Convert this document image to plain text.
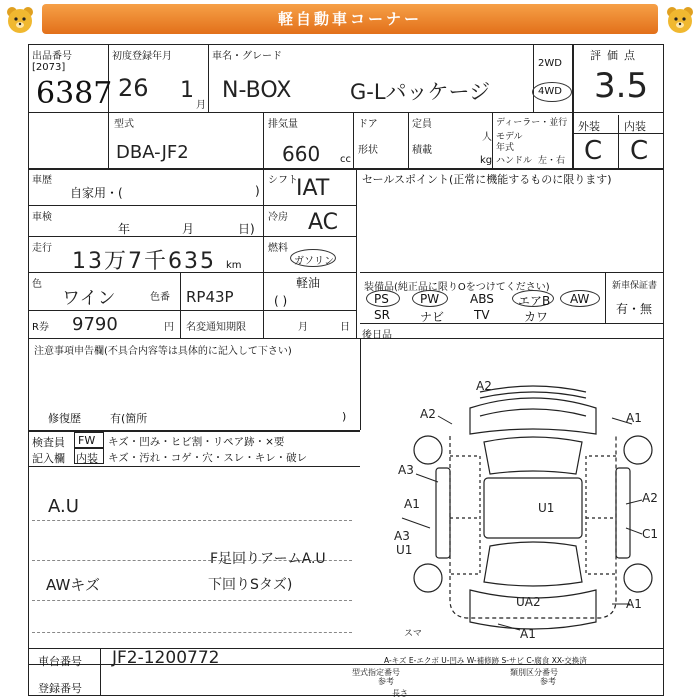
軽自動車コーナー
出品番号
[2073]
6387
初度登録年月
26 1
月
車名・グレード
N-BOX	G-Lパッケージ
2WD
4WD
評価点
3.5
外装 内装
C C
型式
DBA-JF2
排気量
660 cc
ドア
形状
定員
人
積載
kg
ディーラー・並行
モデル
年式
ハンドル 左・右
車歴
自家用・(	)
車検
年	月	日)
走行
13万7千635 km
色
ワイン	色番 RP43P
R券 9790	円 名変通知期限	月	日
シフト
IAT
冷房 AC
燃料
ガソリン
軽油
( )
セールスポイント(正常に機能するものに限ります)
装備品(純正品に限りOをつけてください)
PS	PW	ABS エアB AW
SR	ナビ TV	カワ
新車保証書
有・無
後日品
注意事項申告欄(不具合内容等は具体的に記入して下さい)
修復歴	有(箇所	)
検査員
記入欄
FW キズ・凹み・ヒビ割・リペア跡・×要
内装 キズ・汚れ・コゲ・穴・スレ・キレ・破レ
A.U
F足回りアームA.U
AWキズ	下回りSタズ)
車台番号 JF2-1200772
登録番号
型式指定番号	類別区分番号
参考	参考
長さ
A-キズ E-エクボ U-凹み W-補修跡 S-サビ C-腐食 XX-交換済
A2
A2	A1
A3
A2
A1
C1
A3
U1
U1
UA2	A1
A1
スマ
